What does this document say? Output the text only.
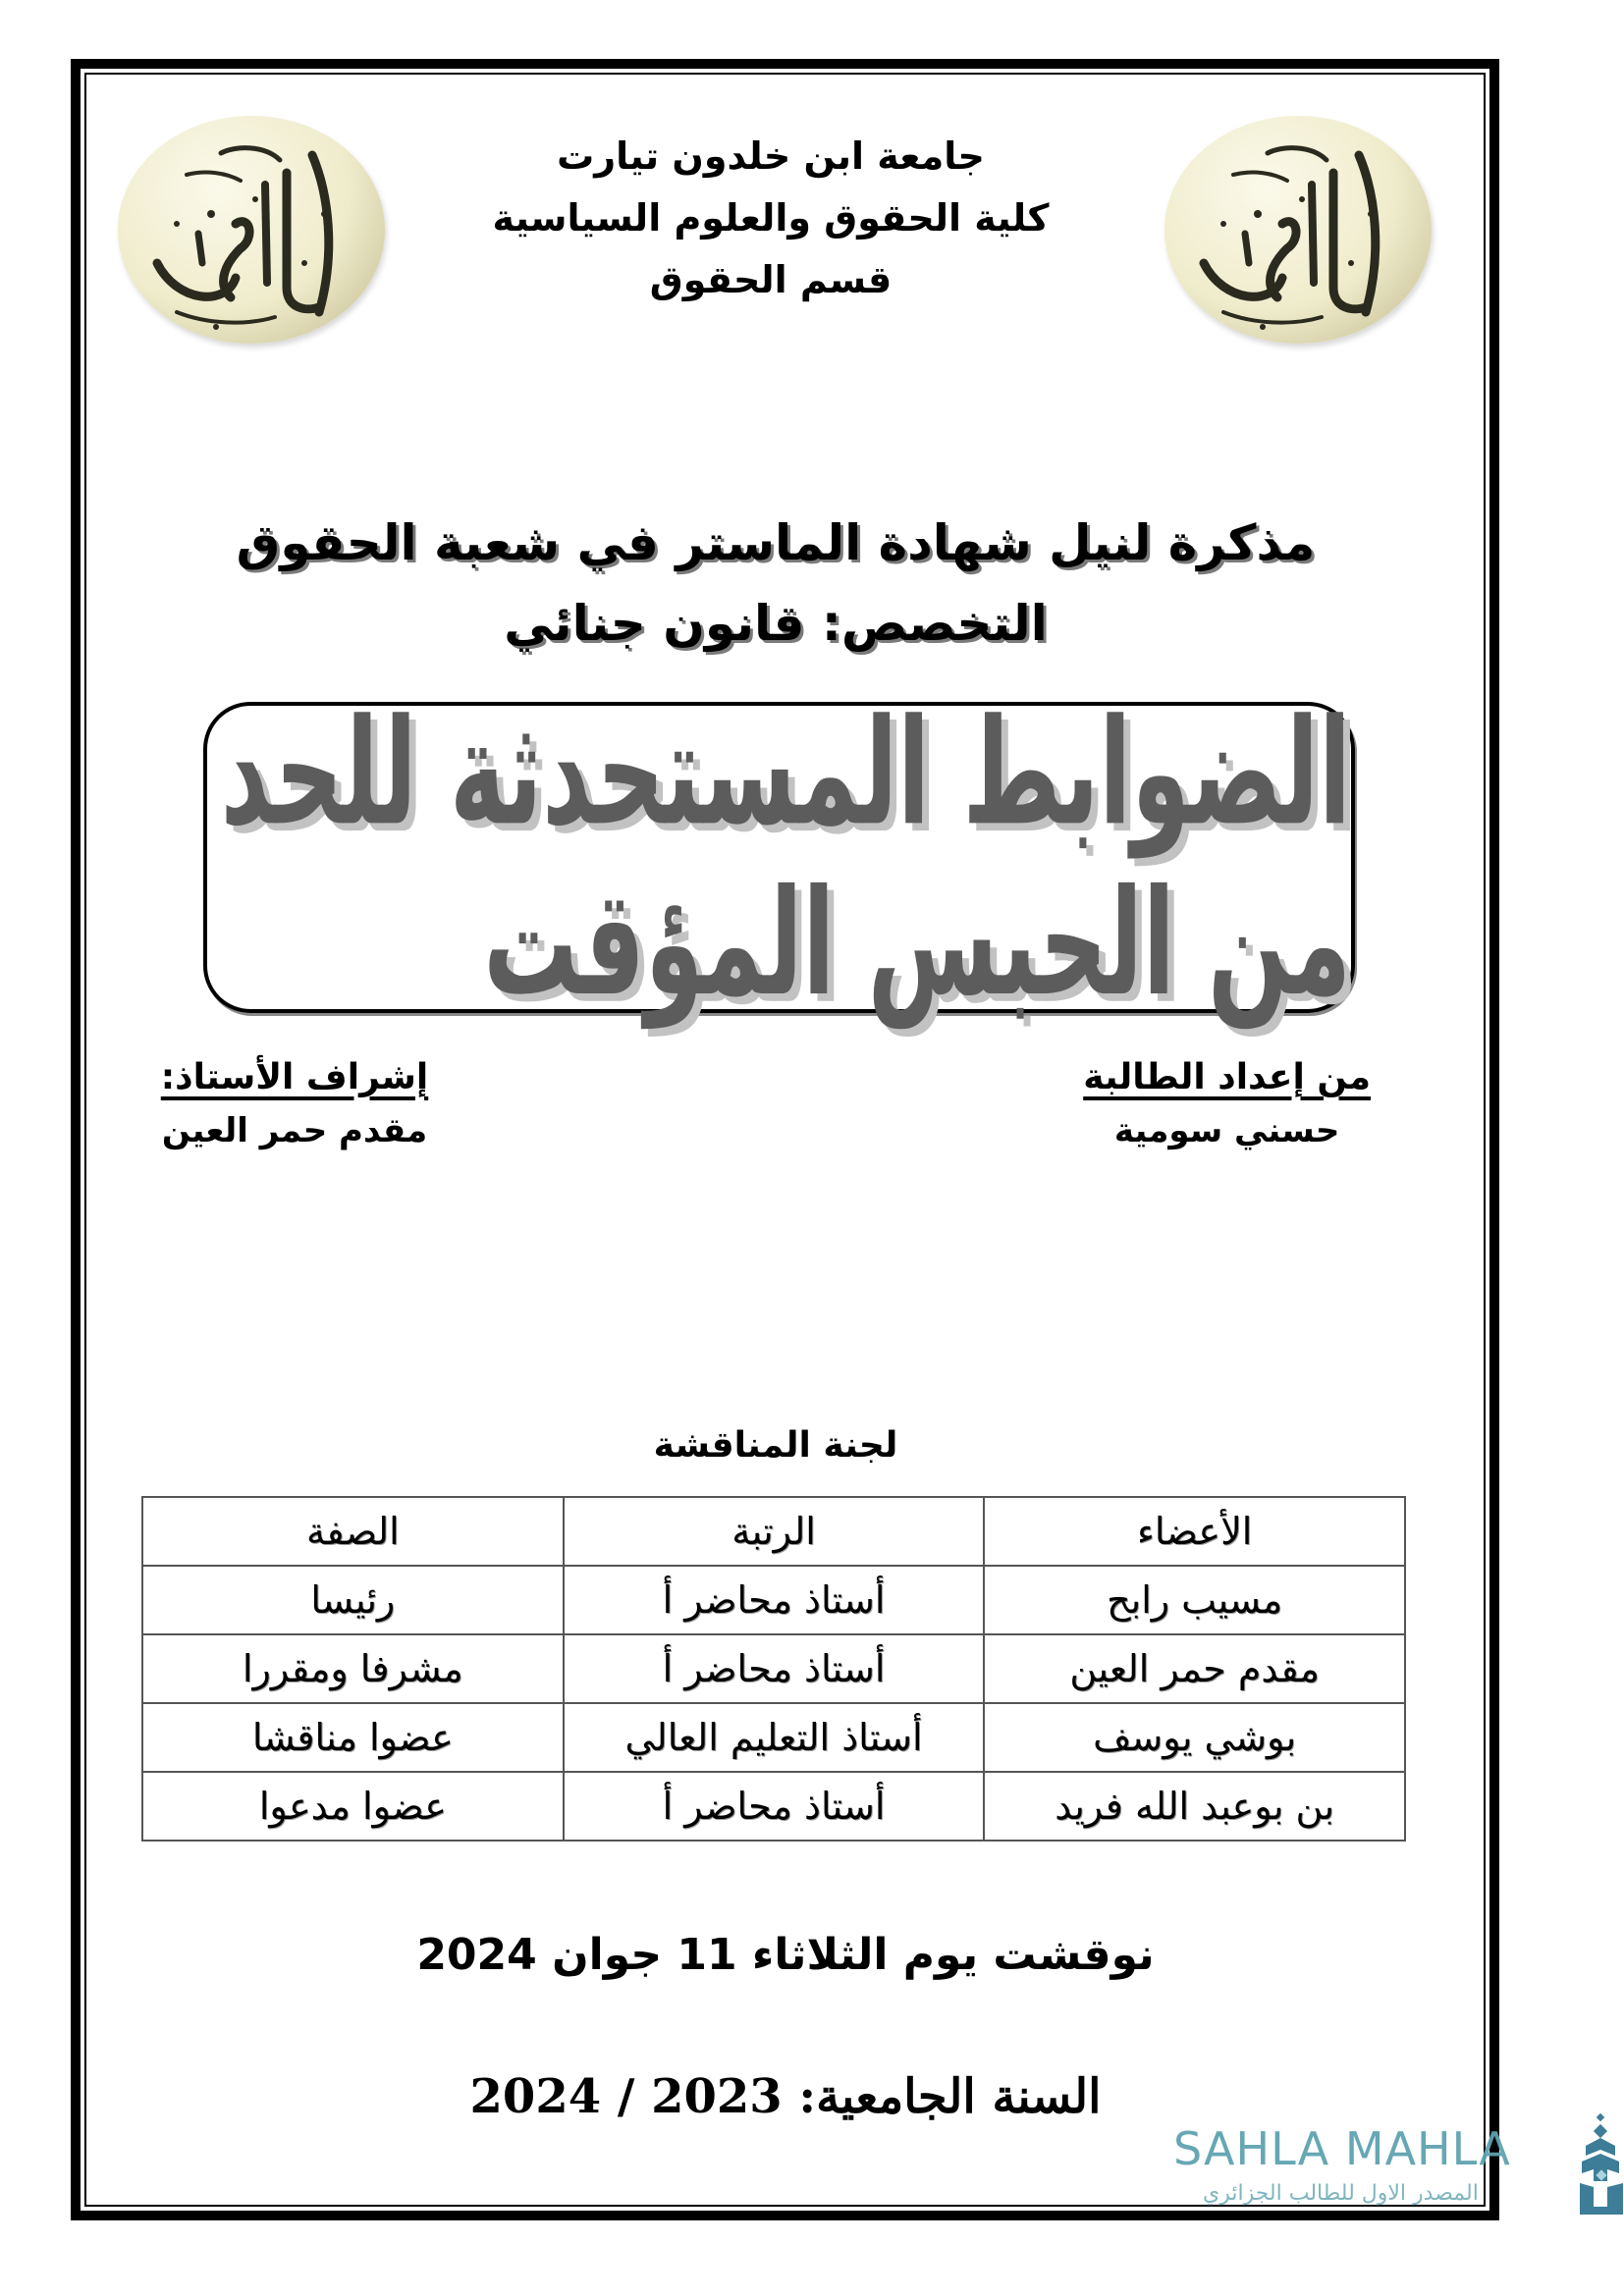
جامعة ابن خلدون تيارت
كلية الحقوق والعلوم السياسية
قسم الحقوق
مذكرة لنيل شهادة الماستر في شعبة الحقوق
التخصص: قانون جنائي
الضوابط المستحدثة للحد من الحبس المؤقت
من إعداد الطالبة
حسني سومية
إشراف الأستاذ:
مقدم حمر العين
لجنة المناقشة
الأعضاء	الرتبة	الصفة
مسيب رابح	أستاذ محاضر أ	رئيسا
مقدم حمر العين	أستاذ محاضر أ	مشرفا ومقررا
بوشي يوسف	أستاذ التعليم العالي	عضوا مناقشا
بن بوعبد الله فريد	أستاذ محاضر أ	عضوا مدعوا
نوقشت يوم الثلاثاء 11 جوان 2024
السنة الجامعية: 2023 / 2024
SAHLA MAHLA
المصدر الاول للطالب الجزائري
